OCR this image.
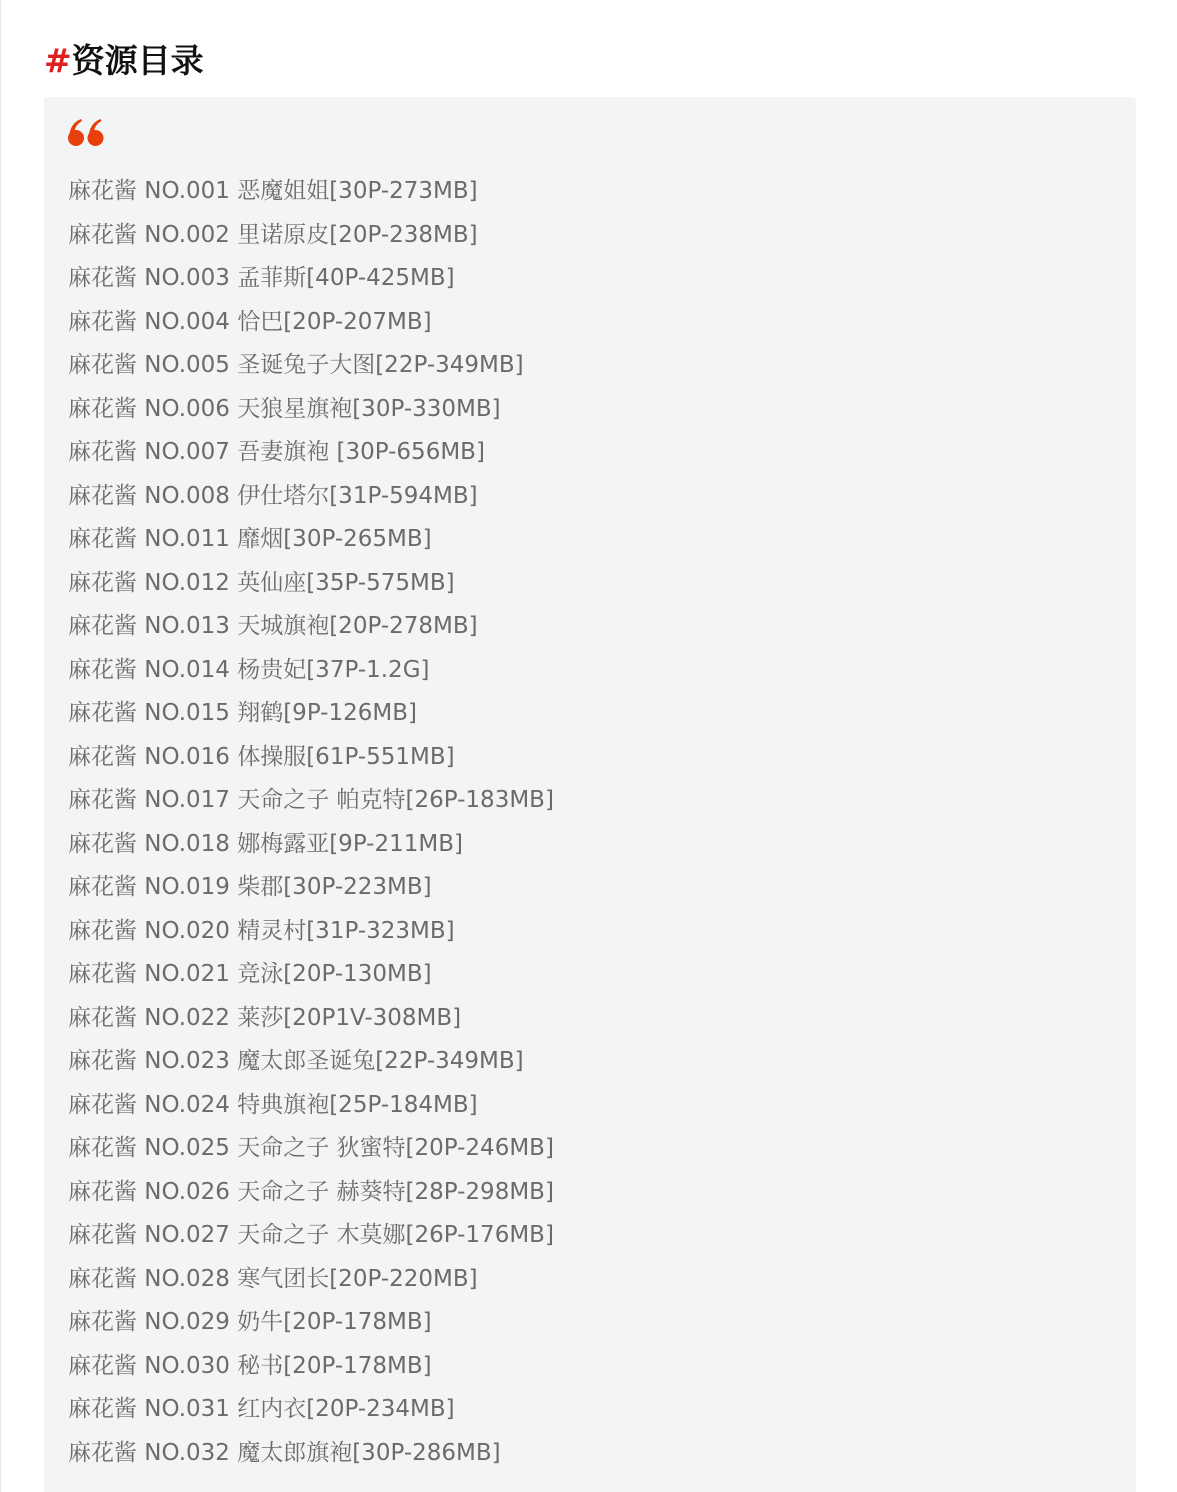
#资源目录
麻花酱 NO.001 恶魔姐姐[30P-273MB]
麻花酱 NO.002 里诺原皮[20P-238MB]
麻花酱 NO.003 孟菲斯[40P-425MB]
麻花酱 NO.004 恰巴[20P-207MB]
麻花酱 NO.005 圣诞兔子大图[22P-349MB]
麻花酱 NO.006 天狼星旗袍[30P-330MB]
麻花酱 NO.007 吾妻旗袍 [30P-656MB]
麻花酱 NO.008 伊仕塔尔[31P-594MB]
麻花酱 NO.011 靡烟[30P-265MB]
麻花酱 NO.012 英仙座[35P-575MB]
麻花酱 NO.013 天城旗袍[20P-278MB]
麻花酱 NO.014 杨贵妃[37P-1.2G]
麻花酱 NO.015 翔鹤[9P-126MB]
麻花酱 NO.016 体操服[61P-551MB]
麻花酱 NO.017 天命之子 帕克特[26P-183MB]
麻花酱 NO.018 娜梅露亚[9P-211MB]
麻花酱 NO.019 柴郡[30P-223MB]
麻花酱 NO.020 精灵村[31P-323MB]
麻花酱 NO.021 竞泳[20P-130MB]
麻花酱 NO.022 莱莎[20P1V-308MB]
麻花酱 NO.023 魔太郎圣诞兔[22P-349MB]
麻花酱 NO.024 特典旗袍[25P-184MB]
麻花酱 NO.025 天命之子 狄蜜特[20P-246MB]
麻花酱 NO.026 天命之子 赫葵特[28P-298MB]
麻花酱 NO.027 天命之子 木莫娜[26P-176MB]
麻花酱 NO.028 寒气团长[20P-220MB]
麻花酱 NO.029 奶牛[20P-178MB]
麻花酱 NO.030 秘书[20P-178MB]
麻花酱 NO.031 红内衣[20P-234MB]
麻花酱 NO.032 魔太郎旗袍[30P-286MB]
